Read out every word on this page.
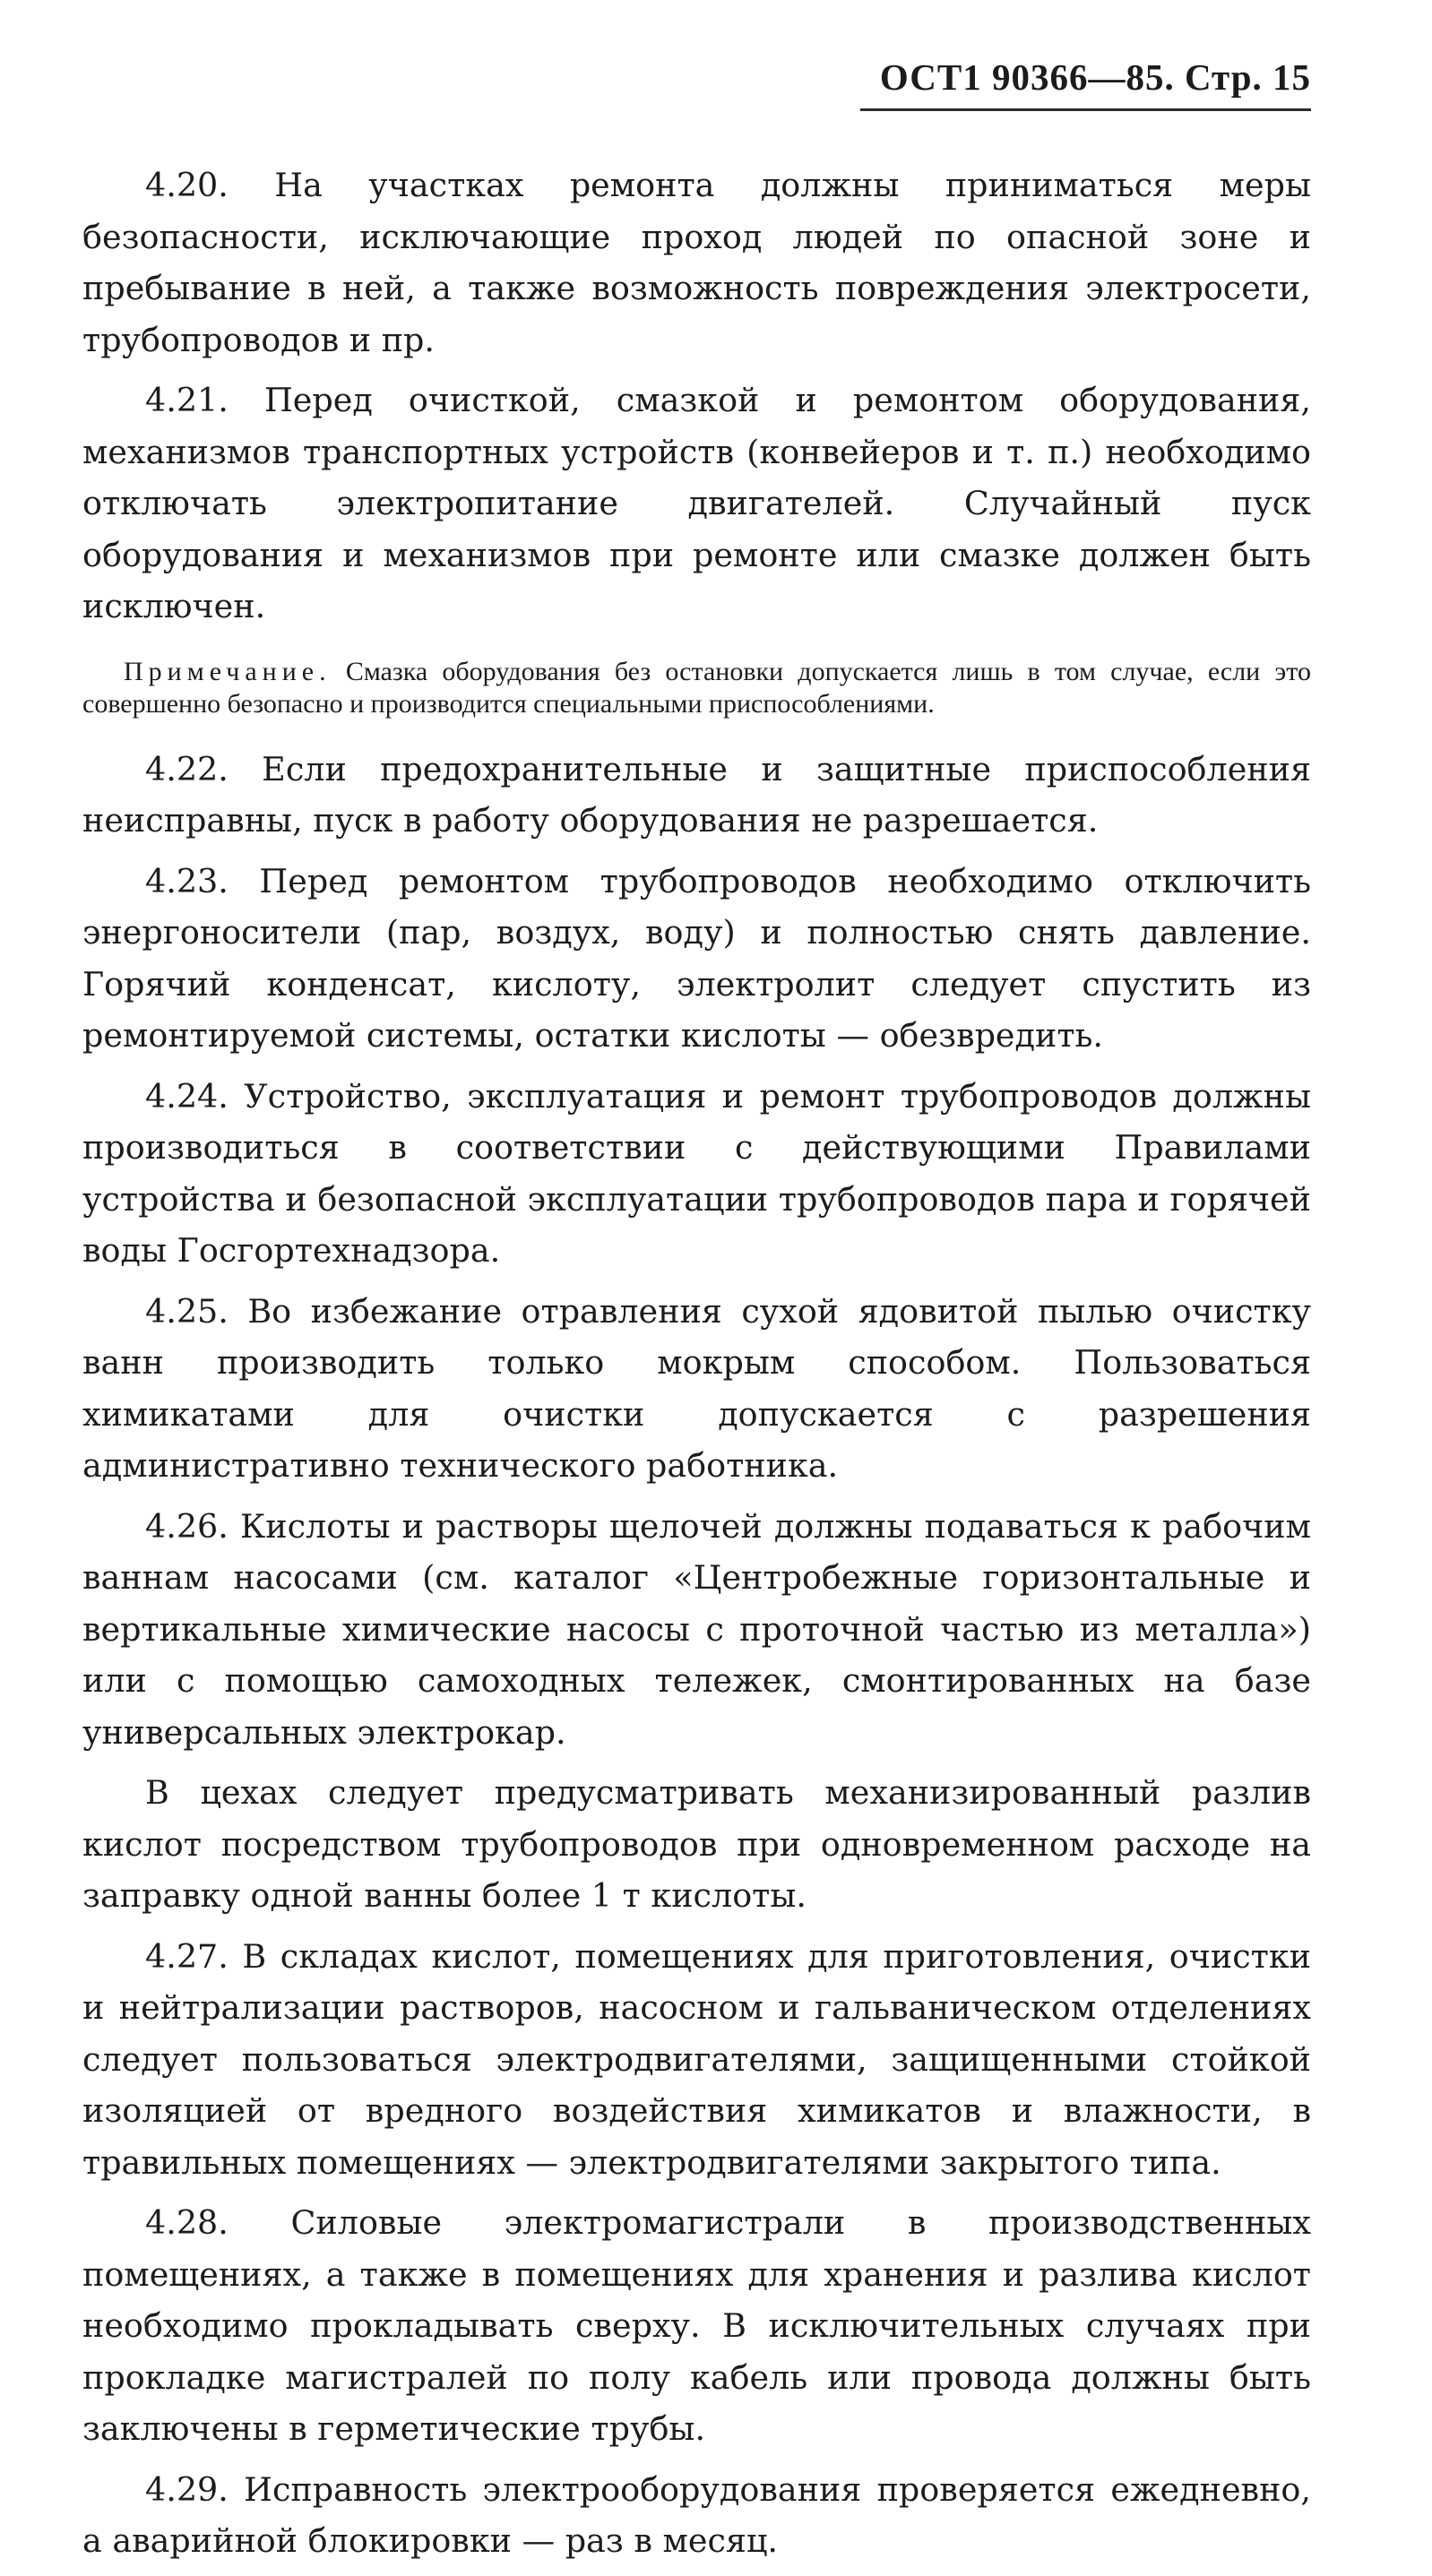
ОСТ1 90366—85. Стр. 15

4.20. На участках ремонта должны приниматься меры безопасности, исключающие проход людей по опасной зоне и пребывание в ней, а также возможность повреждения электросети, трубопроводов и пр.

4.21. Перед очисткой, смазкой и ремонтом оборудования, механизмов транспортных устройств (конвейеров и т. п.) необходимо отключать электропитание двигателей. Случайный пуск оборудования и механизмов при ремонте или смазке должен быть исключен.

Примечание. Смазка оборудования без остановки допускается лишь в том случае, если это совершенно безопасно и производится специальными приспособлениями.

4.22. Если предохранительные и защитные приспособления неисправны, пуск в работу оборудования не разрешается.

4.23. Перед ремонтом трубопроводов необходимо отключить энергоносители (пар, воздух, воду) и полностью снять давление. Горячий конденсат, кислоту, электролит следует спустить из ремонтируемой системы, остатки кислоты — обезвредить.

4.24. Устройство, эксплуатация и ремонт трубопроводов должны производиться в соответствии с действующими Правилами устройства и безопасной эксплуатации трубопроводов пара и горячей воды Госгортехнадзора.

4.25. Во избежание отравления сухой ядовитой пылью очистку ванн производить только мокрым способом. Пользоваться химикатами для очистки допускается с разрешения административно технического работника.

4.26. Кислоты и растворы щелочей должны подаваться к рабочим ваннам насосами (см. каталог «Центробежные горизонтальные и вертикальные химические насосы с проточной частью из металла») или с помощью самоходных тележек, смонтированных на базе универсальных электрокар.

В цехах следует предусматривать механизированный разлив кислот посредством трубопроводов при одновременном расходе на заправку одной ванны более 1 т кислоты.

4.27. В складах кислот, помещениях для приготовления, очистки и нейтрализации растворов, насосном и гальваническом отделениях следует пользоваться электродвигателями, защищенными стойкой изоляцией от вредного воздействия химикатов и влажности, в травильных помещениях — электродвигателями закрытого типа.

4.28. Силовые электромагистрали в производственных помещениях, а также в помещениях для хранения и разлива кислот необходимо прокладывать сверху. В исключительных случаях при прокладке магистралей по полу кабель или провода должны быть заключены в герметические трубы.

4.29. Исправность электрооборудования проверяется ежедневно, а аварийной блокировки — раз в месяц.
